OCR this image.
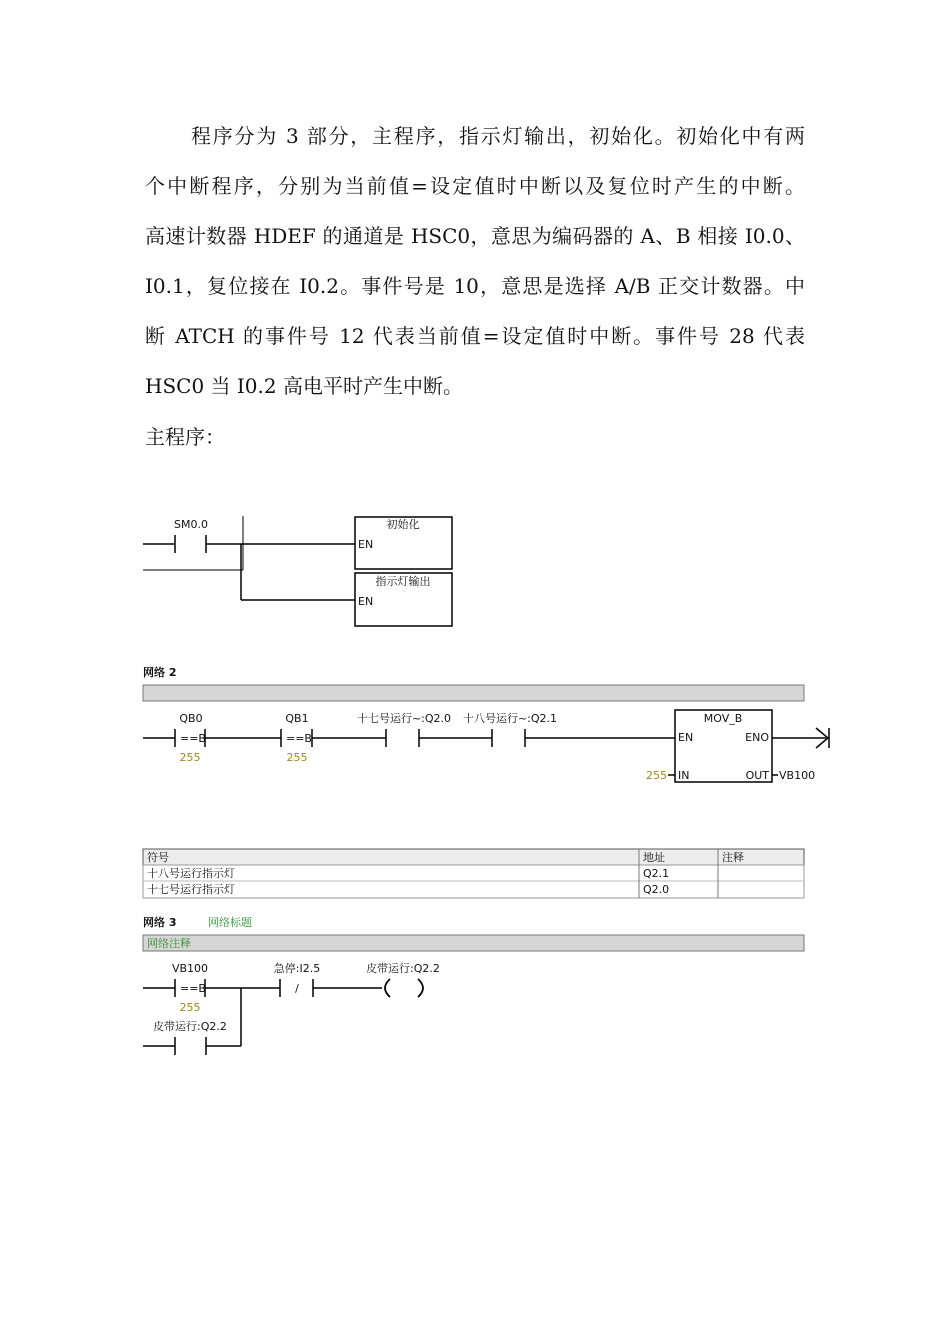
程序分为 3 部分，主程序，指示灯输出，初始化。初始化中有两

个中断程序，分别为当前值=设定值时中断以及复位时产生的中断。

高速计数器 HDEF 的通道是 HSC0，意思为编码器的 A、B 相接 I0.0、

I0.1，复位接在 I0.2。事件号是 10，意思是选择 A/B 正交计数器。中

断 ATCH 的事件号 12 代表当前值=设定值时中断。事件号 28 代表

HSC0 当 I0.2 高电平时产生中断。

主程序：
SM0.0	初始化
EN
指示灯输出
EN
网络 2
QB0
==B
255
QB1
==B
255
十七号运行~:Q2.0 十八号运行~:Q2.1	MOV_B
EN	ENO
IN	OUT
255	VB100
符号	地址	注释
十八号运行指示灯	Q2.1
十七号运行指示灯	Q2.0
网络 3	网络标题
网络注释
VB100
==B
255
急停:I2.5
/
皮带运行:Q2.2
皮带运行:Q2.2
